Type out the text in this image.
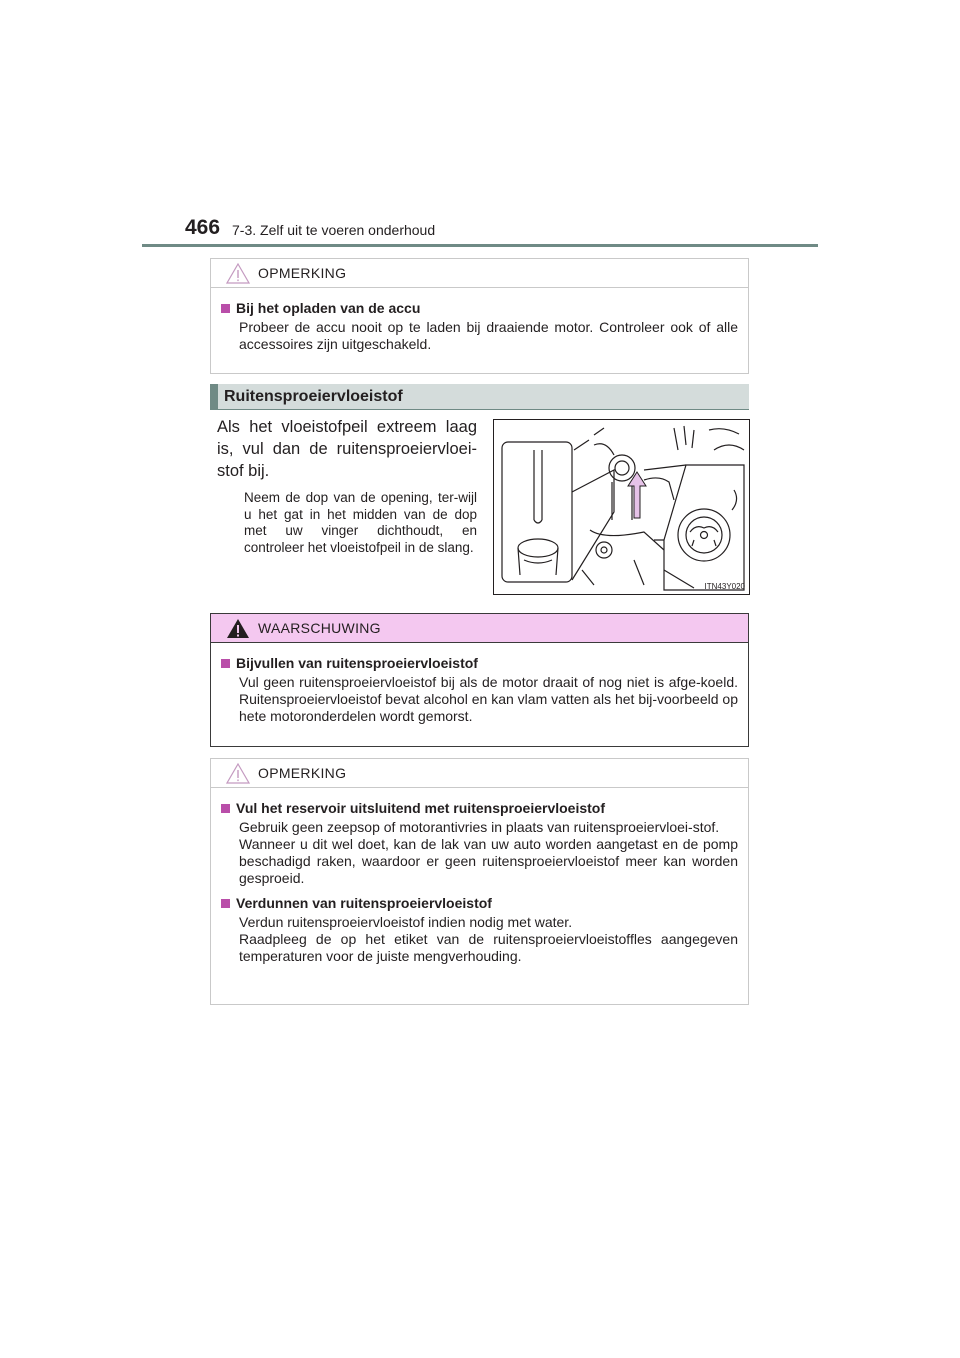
466 7-3. Zelf uit te voeren onderhoud
OPMERKING
Bij het opladen van de accu
Probeer de accu nooit op te laden bij draaiende motor. Controleer ook of alle accessoires zijn uitgeschakeld.
Ruitensproeiervloeistof
Als het vloeistofpeil extreem laag is, vul dan de ruitensproeiervloei-stof bij.
Neem de dop van de opening, ter-wijl u het gat in het midden van de dop met uw vinger dichthoudt, en controleer het vloeistofpeil in de slang.
ITN43Y020
WAARSCHUWING
Bijvullen van ruitensproeiervloeistof
Vul geen ruitensproeiervloeistof bij als de motor draait of nog niet is afge-koeld. Ruitensproeiervloeistof bevat alcohol en kan vlam vatten als het bij-voorbeeld op hete motoronderdelen wordt gemorst.
OPMERKING
Vul het reservoir uitsluitend met ruitensproeiervloeistof
Gebruik geen zeepsop of motorantivries in plaats van ruitensproeiervloei-stof.
Wanneer u dit wel doet, kan de lak van uw auto worden aangetast en de pomp beschadigd raken, waardoor er geen ruitensproeiervloeistof meer kan worden gesproeid.
Verdunnen van ruitensproeiervloeistof
Verdun ruitensproeiervloeistof indien nodig met water.
Raadpleeg de op het etiket van de ruitensproeiervloeistoffles aangegeven temperaturen voor de juiste mengverhouding.
